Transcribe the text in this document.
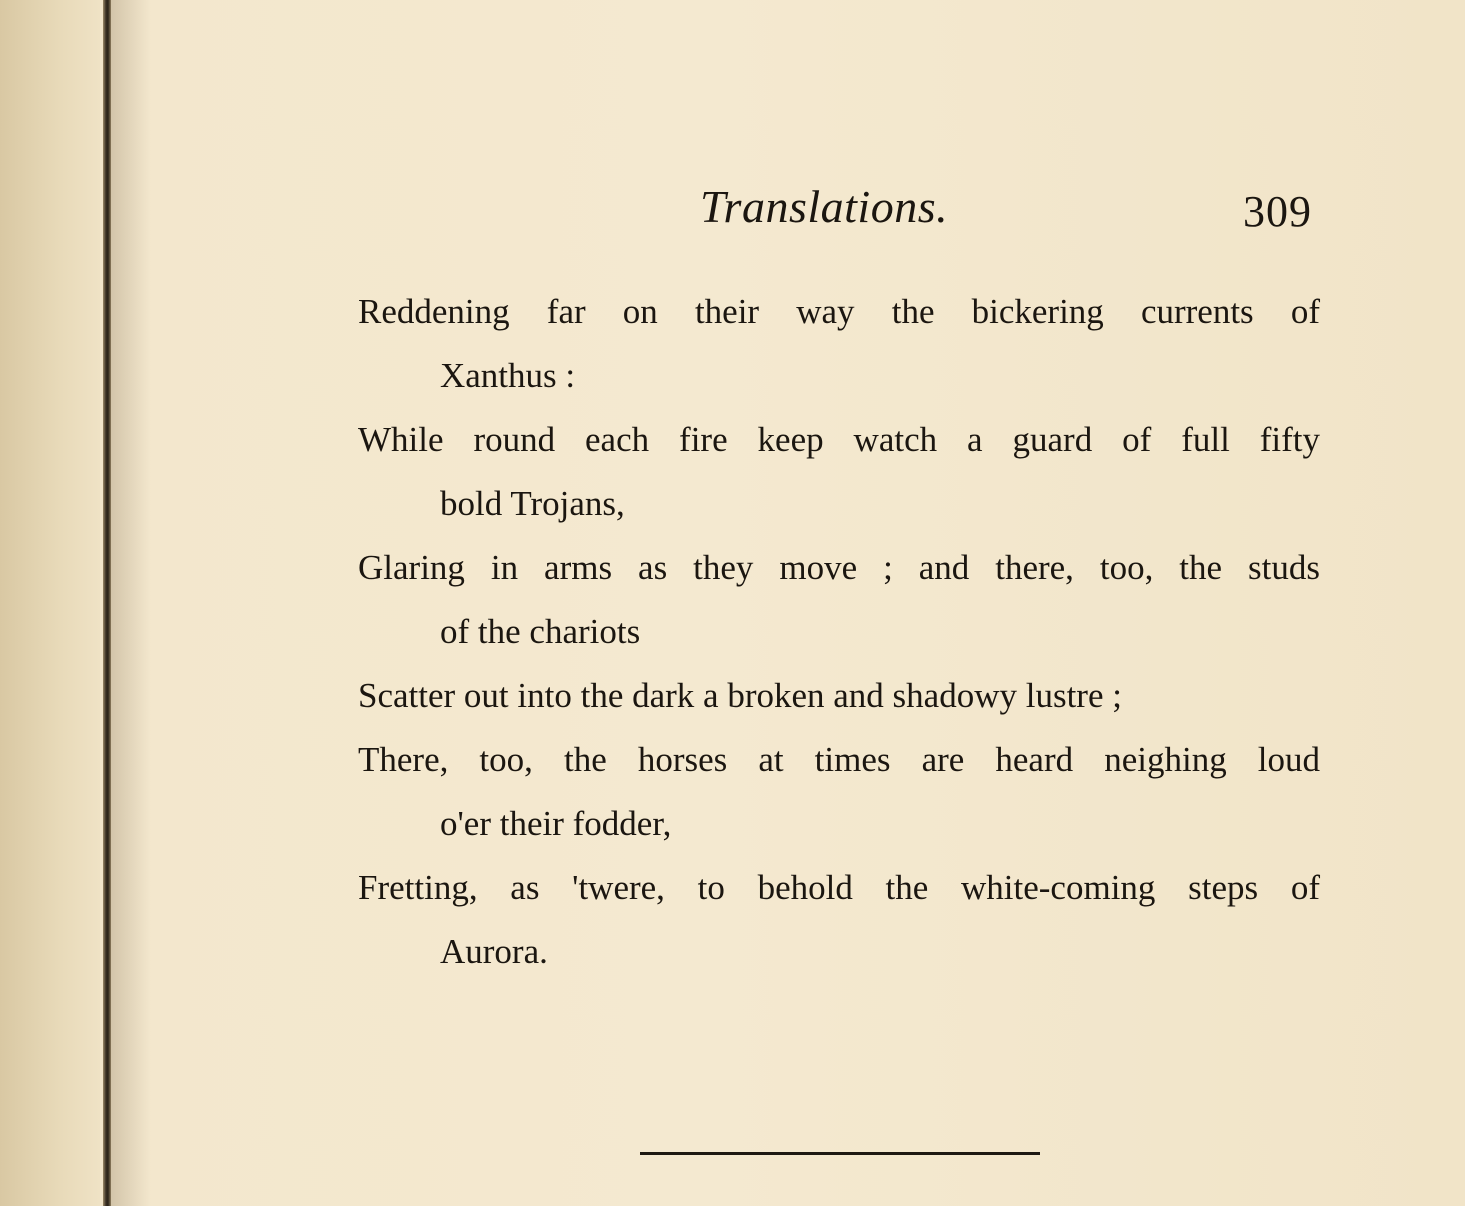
Translations.	309
Reddening far on their way the bickering currents of
Xanthus :
While round each fire keep watch a guard of full fifty
bold Trojans,
Glaring in arms as they move ; and there, too, the studs
of the chariots
Scatter out into the dark a broken and shadowy lustre ;
There, too, the horses at times are heard neighing loud
o'er their fodder,
Fretting, as 'twere, to behold the white-coming steps of
Aurora.
